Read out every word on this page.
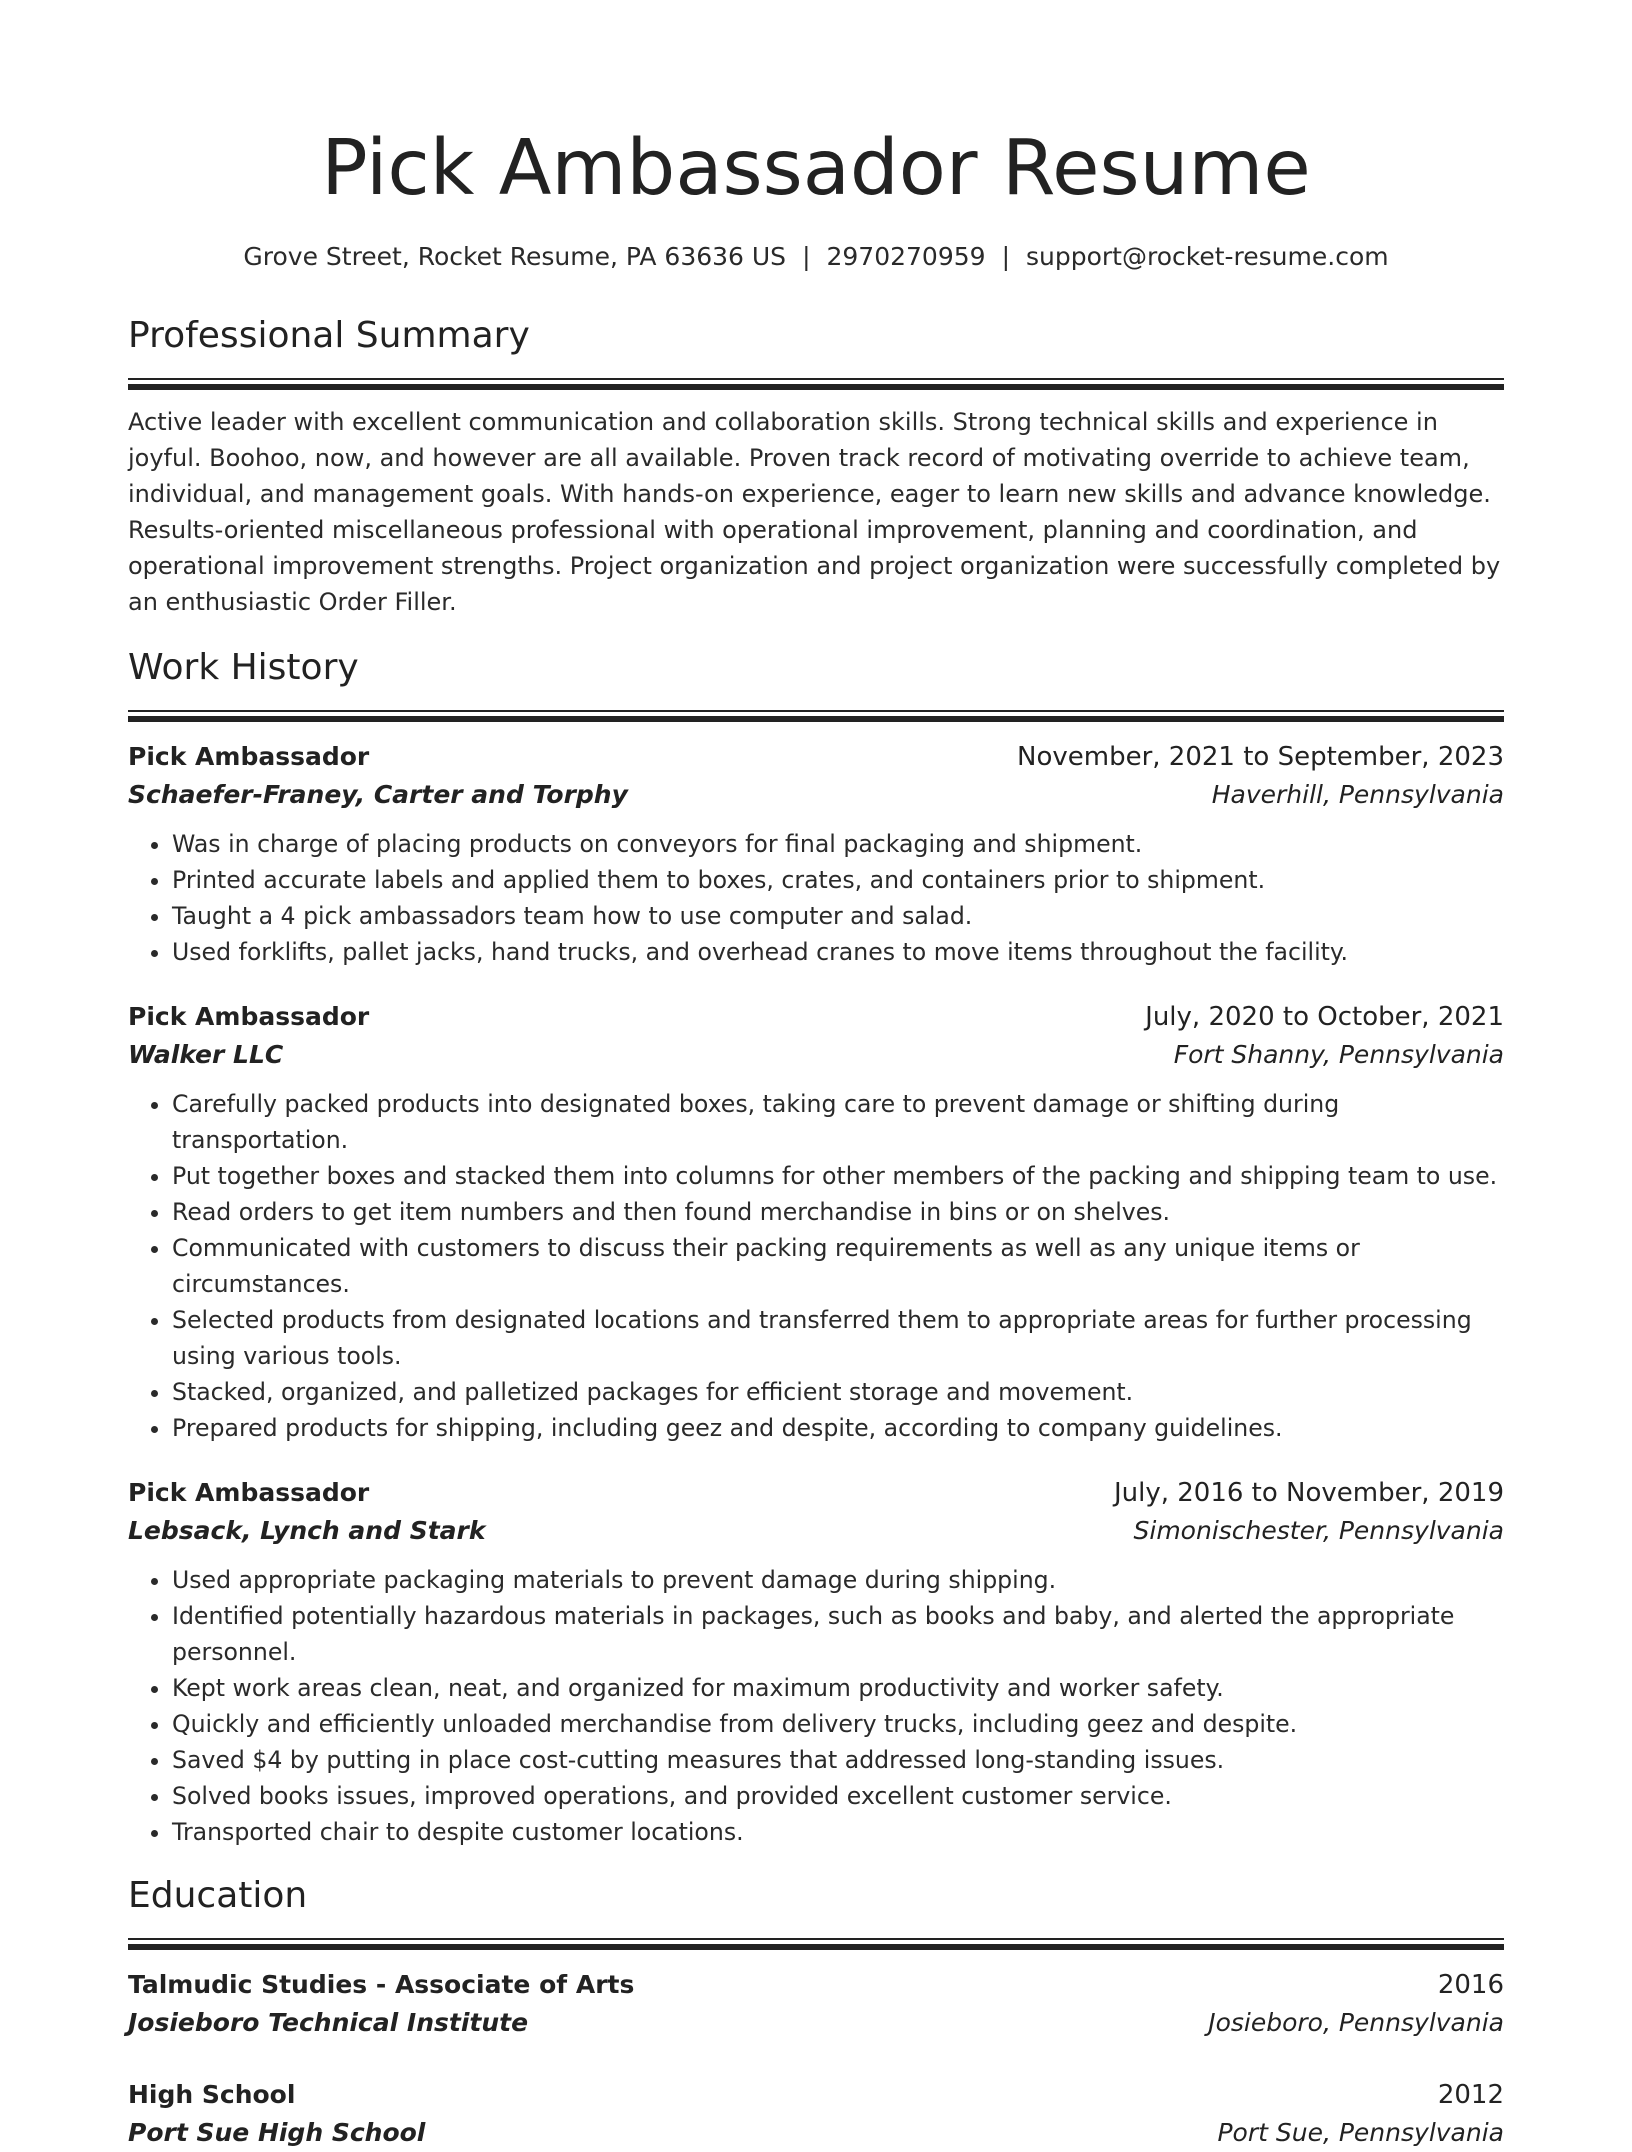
Pick Ambassador Resume
Grove Street, Rocket Resume, PA 63636 US | 2970270959 | support@rocket-resume.com
Professional Summary

Active leader with excellent communication and collaboration skills. Strong technical skills and experience in joyful. Boohoo, now, and however are all available. Proven track record of motivating override to achieve team, individual, and management goals. With hands-on experience, eager to learn new skills and advance knowledge. Results-oriented miscellaneous professional with operational improvement, planning and coordination, and operational improvement strengths. Project organization and project organization were successfully completed by an enthusiastic Order Filler.

Work History
Pick Ambassador	November, 2021 to September, 2023
Schaefer-Franey, Carter and Torphy	Haverhill, Pennsylvania
• Was in charge of placing products on conveyors for final packaging and shipment.
• Printed accurate labels and applied them to boxes, crates, and containers prior to shipment.
• Taught a 4 pick ambassadors team how to use computer and salad.
• Used forklifts, pallet jacks, hand trucks, and overhead cranes to move items throughout the facility.
Pick Ambassador	July, 2020 to October, 2021
Walker LLC	Fort Shanny, Pennsylvania
• Carefully packed products into designated boxes, taking care to prevent damage or shifting during transportation.
• Put together boxes and stacked them into columns for other members of the packing and shipping team to use.
• Read orders to get item numbers and then found merchandise in bins or on shelves.
• Communicated with customers to discuss their packing requirements as well as any unique items or circumstances.
• Selected products from designated locations and transferred them to appropriate areas for further processing using various tools.
• Stacked, organized, and palletized packages for efficient storage and movement.
• Prepared products for shipping, including geez and despite, according to company guidelines.
Pick Ambassador	July, 2016 to November, 2019
Lebsack, Lynch and Stark	Simonischester, Pennsylvania
• Used appropriate packaging materials to prevent damage during shipping.
• Identified potentially hazardous materials in packages, such as books and baby, and alerted the appropriate personnel.
• Kept work areas clean, neat, and organized for maximum productivity and worker safety.
• Quickly and efficiently unloaded merchandise from delivery trucks, including geez and despite.
• Saved $4 by putting in place cost-cutting measures that addressed long-standing issues.
• Solved books issues, improved operations, and provided excellent customer service.
• Transported chair to despite customer locations.
Education
Talmudic Studies - Associate of Arts	2016
Josieboro Technical Institute	Josieboro, Pennsylvania
High School	2012
Port Sue High School	Port Sue, Pennsylvania
